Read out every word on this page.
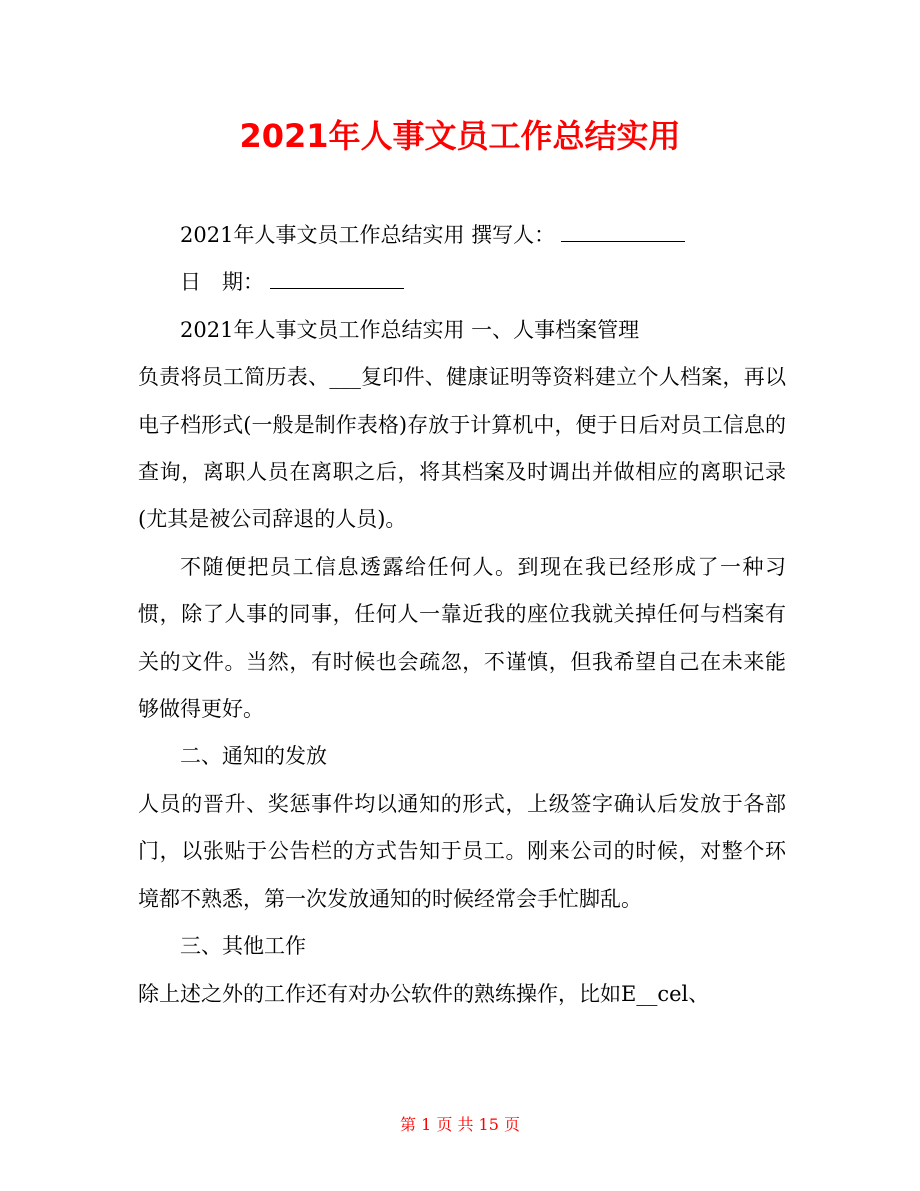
2021年人事文员工作总结实用

2021年人事文员工作总结实用 撰写人：

日　期：

2021年人事文员工作总结实用 一、人事档案管理

负责将员工简历表、___复印件、健康证明等资料建立个人档案，再以电子档形式(一般是制作表格)存放于计算机中，便于日后对员工信息的查询，离职人员在离职之后，将其档案及时调出并做相应的离职记录(尤其是被公司辞退的人员)。

不随便把员工信息透露给任何人。到现在我已经形成了一种习惯，除了人事的同事，任何人一靠近我的座位我就关掉任何与档案有关的文件。当然，有时候也会疏忽，不谨慎，但我希望自己在未来能够做得更好。

二、通知的发放

人员的晋升、奖惩事件均以通知的形式，上级签字确认后发放于各部门，以张贴于公告栏的方式告知于员工。刚来公司的时候，对整个环境都不熟悉，第一次发放通知的时候经常会手忙脚乱。

三、其他工作

除上述之外的工作还有对办公软件的熟练操作，比如E__cel、

第 1 页 共 15 页
